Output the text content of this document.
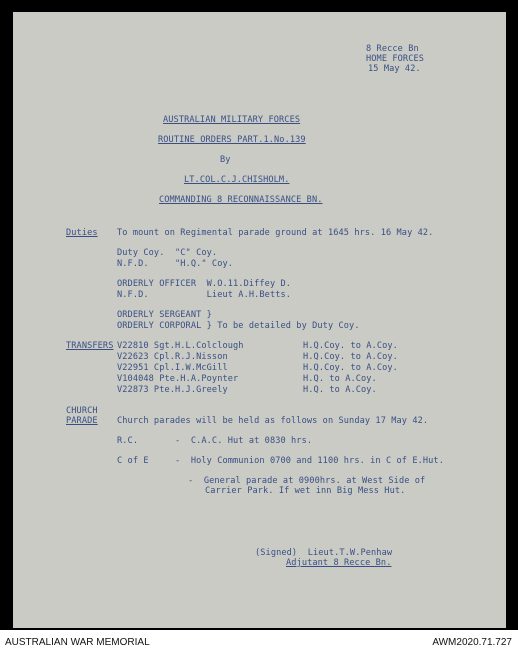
8 Recce Bn
HOME FORCES
15 May 42.
AUSTRALIAN MILITARY FORCES
ROUTINE ORDERS PART.1.No.139
By
LT.COL.C.J.CHISHOLM.
COMMANDING 8 RECONNAISSANCE BN.
Duties To mount on Regimental parade ground at 1645 hrs. 16 May 42.
Duty Coy.  "C" Coy.
N.F.D.     "H.Q." Coy.
ORDERLY OFFICER  W.O.11.Diffey D.
N.F.D.           Lieut A.H.Betts.
ORDERLY SERGEANT }
ORDERLY CORPORAL } To be detailed by Duty Coy.
TRANSFERS V22810 Sgt.H.L.Colclough	H.Q.Coy. to A.Coy.
V22623 Cpl.R.J.Nisson	H.Q.Coy. to A.Coy.
V22951 Cpl.I.W.McGill	H.Q.Coy. to A.Coy.
V104048 Pte.H.A.Poynter	H.Q. to A.Coy.
V22873 Pte.H.J.Greely	H.Q. to A.Coy.
CHURCH
PARADE Church parades will be held as follows on Sunday 17 May 42.
R.C.       -  C.A.C. Hut at 0830 hrs.
C of E     -  Holy Communion 0700 and 1100 hrs. in C of E.Hut.
-  General parade at 0900hrs. at West Side of
Carrier Park. If wet inn Big Mess Hut.
(Signed)  Lieut.T.W.Penhaw
Adjutant 8 Recce Bn.
AUSTRALIAN WAR MEMORIAL	AWM2020.71.727
